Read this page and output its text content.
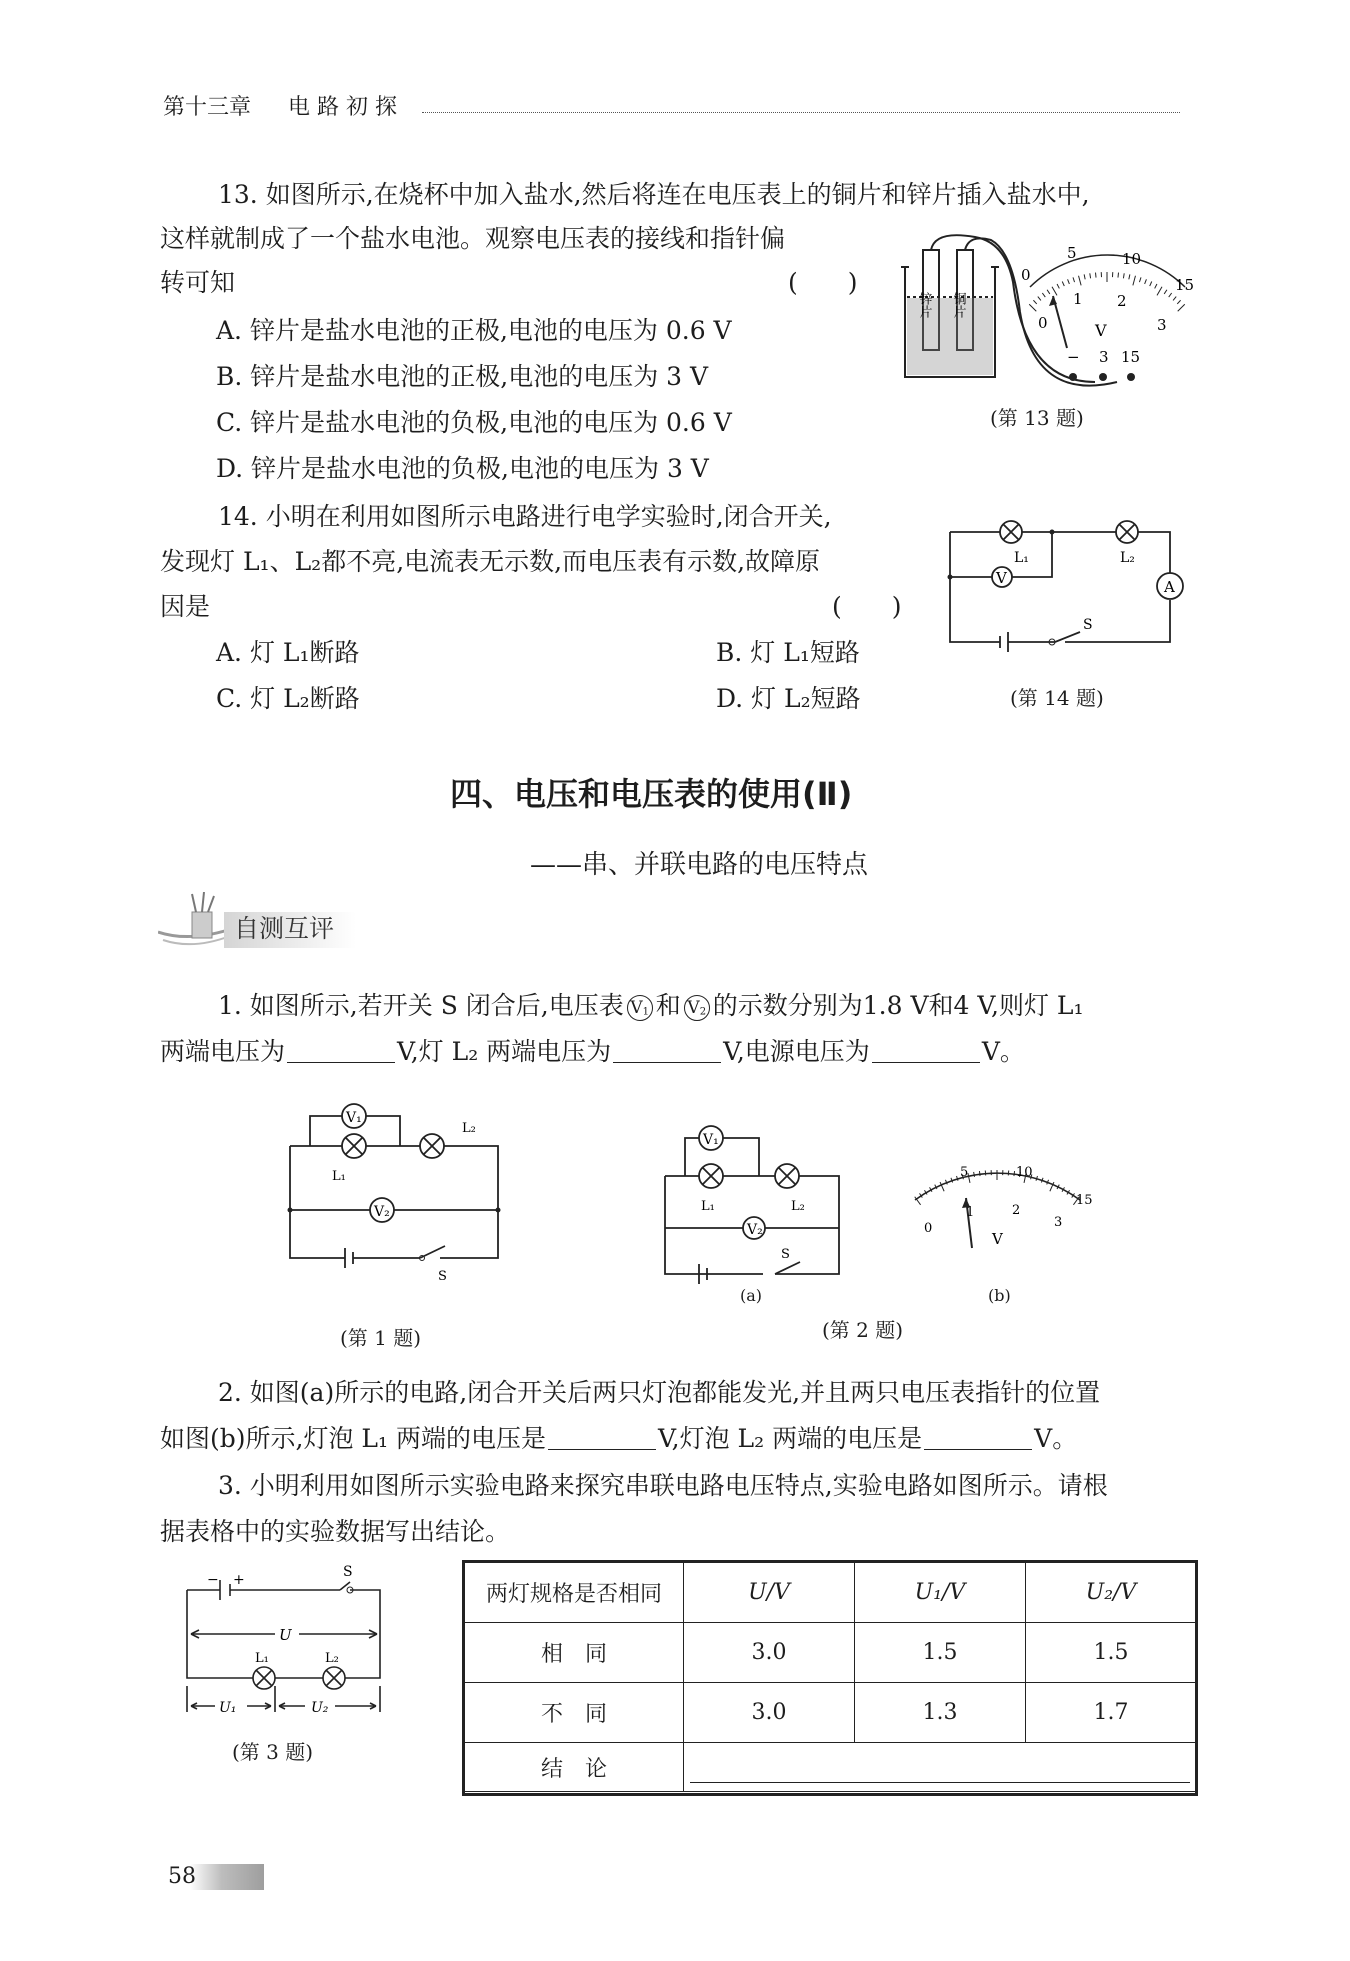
第十三章 电 路 初 探
13. 如图所示,在烧杯中加入盐水,然后将连在电压表上的铜片和锌片插入盐水中,
这样就制成了一个盐水电池。观察电压表的接线和指针偏
转可知	(　　)
A. 锌片是盐水电池的正极,电池的电压为 0.6 V
B. 锌片是盐水电池的正极,电池的电压为 3 V
C. 锌片是盐水电池的负极,电池的电压为 0.6 V
D. 锌片是盐水电池的负极,电池的电压为 3 V
锌片 铜片
0
5	10
15
0
1 2
3
V
− 3 15
(第 13 题)
14. 小明在利用如图所示电路进行电学实验时,闭合开关,
发现灯 L₁、L₂都不亮,电流表无示数,而电压表有示数,故障原
因是	(　　)
A. 灯 L₁断路	B. 灯 L₁短路
C. 灯 L₂断路	D. 灯 L₂短路
L₁	L₂
V	A
S
(第 14 题)
四、电压和电压表的使用(Ⅱ)
——串、并联电路的电压特点
自测互评
1. 如图所示,若开关 S 闭合后,电压表 $V_1$ 和 $V_2$ 的示数分别为1.8 V和4 V,则灯 L₁
两端电压为	V,灯 L₂ 两端电压为	V,电源电压为	V。
V₁
V₂
L₁
L₂
S
(第 1 题)
V₁
V₂
L₁	L₂
S
(a)
5	10
15
0
1	2
3
V
(b)
(第 2 题)
2. 如图(a)所示的电路,闭合开关后两只灯泡都能发光,并且两只电压表指针的位置
如图(b)所示,灯泡 L₁ 两端的电压是	V,灯泡 L₂ 两端的电压是	V。
3. 小明利用如图所示实验电路来探究串联电路电压特点,实验电路如图所示。请根
据表格中的实验数据写出结论。
− +	S
U
L₁	L₂
U₁	U₂
(第 3 题)
两灯规格是否相同	U/V	U₁/V	U₂/V
相　同	3.0	1.5	1.5
不　同	3.0	1.3	1.7
结　论			
58
